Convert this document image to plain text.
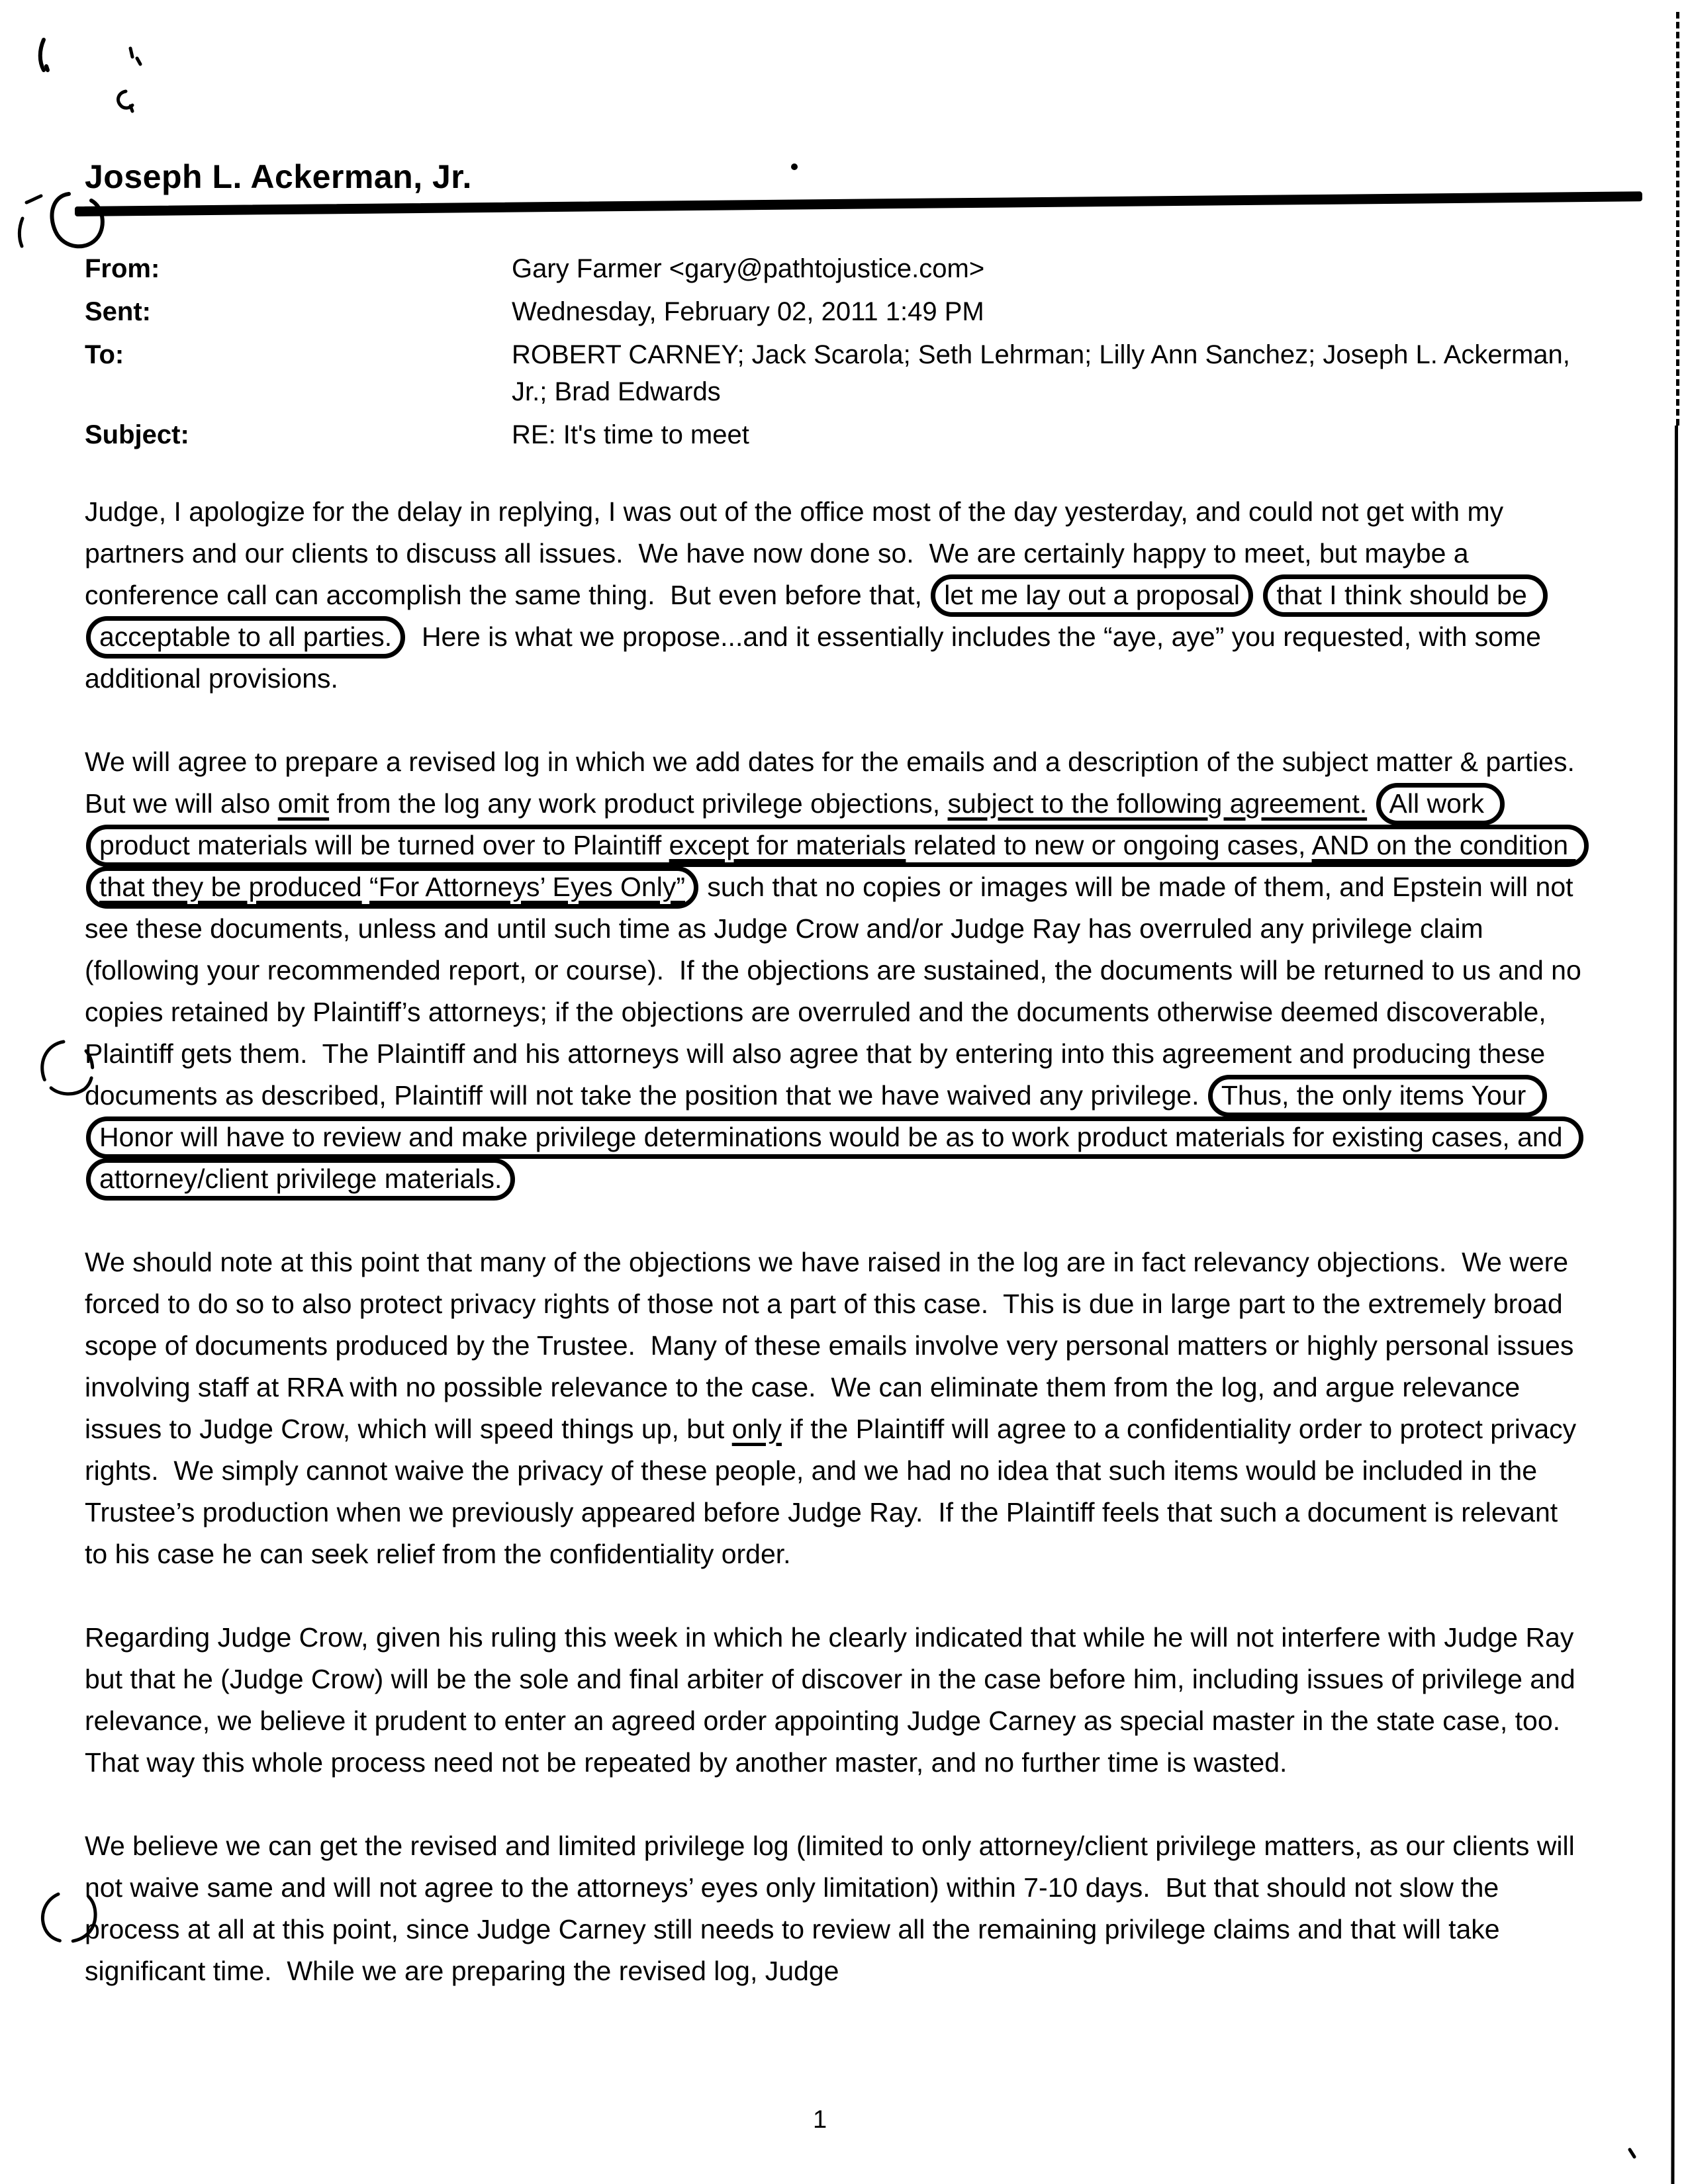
Joseph L. Ackerman, Jr.
From:	Gary Farmer <gary@pathtojustice.com>
Sent:	Wednesday, February 02, 2011 1:49 PM
To:	ROBERT CARNEY; Jack Scarola; Seth Lehrman; Lilly Ann Sanchez; Joseph L. Ackerman, Jr.; Brad Edwards
Subject:	RE: It's time to meet
Judge, I apologize for the delay in replying, I was out of the office most of the day yesterday, and could not get with my partners and our clients to discuss all issues.  We have now done so.  We are certainly happy to meet, but maybe a conference call can accomplish the same thing.  But even before that, let me lay out a proposal that I think should be acceptable to all parties.  Here is what we propose...and it essentially includes the “aye, aye” you requested, with some additional provisions.
We will agree to prepare a revised log in which we add dates for the emails and a description of the subject matter & parties.  But we will also omit from the log any work product privilege objections, subject to the following agreement. All work product materials will be turned over to Plaintiff except for materials related to new or ongoing cases, AND on the condition that they be produced “For Attorneys’ Eyes Only” such that no copies or images will be made of them, and Epstein will not see these documents, unless and until such time as Judge Crow and/or Judge Ray has overruled any privilege claim (following your recommended report, or course).  If the objections are sustained, the documents will be returned to us and no copies retained by Plaintiff’s attorneys; if the objections are overruled and the documents otherwise deemed discoverable, Plaintiff gets them.  The Plaintiff and his attorneys will also agree that by entering into this agreement and producing these documents as described, Plaintiff will not take the position that we have waived any privilege. Thus, the only items Your Honor will have to review and make privilege determinations would be as to work product materials for existing cases, and attorney/client privilege materials.
We should note at this point that many of the objections we have raised in the log are in fact relevancy objections.  We were forced to do so to also protect privacy rights of those not a part of this case.  This is due in large part to the extremely broad scope of documents produced by the Trustee.  Many of these emails involve very personal matters or highly personal issues involving staff at RRA with no possible relevance to the case.  We can eliminate them from the log, and argue relevance issues to Judge Crow, which will speed things up, but only if the Plaintiff will agree to a confidentiality order to protect privacy rights.  We simply cannot waive the privacy of these people, and we had no idea that such items would be included in the Trustee’s production when we previously appeared before Judge Ray.  If the Plaintiff feels that such a document is relevant to his case he can seek relief from the confidentiality order.
Regarding Judge Crow, given his ruling this week in which he clearly indicated that while he will not interfere with Judge Ray but that he (Judge Crow) will be the sole and final arbiter of discover in the case before him, including issues of privilege and relevance, we believe it prudent to enter an agreed order appointing Judge Carney as special master in the state case, too.  That way this whole process need not be repeated by another master, and no further time is wasted.
We believe we can get the revised and limited privilege log (limited to only attorney/client privilege matters, as our clients will not waive same and will not agree to the attorneys’ eyes only limitation) within 7-10 days.  But that should not slow the process at all at this point, since Judge Carney still needs to review all the remaining privilege claims and that will take significant time.  While we are preparing the revised log, Judge
1
